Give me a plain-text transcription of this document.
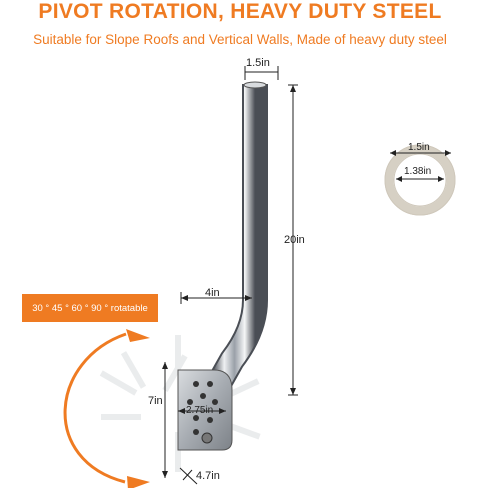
PIVOT ROTATION, HEAVY DUTY STEEL
Suitable for Slope Roofs and Vertical Walls, Made of heavy duty steel
1.5in
20in
4in
7in
2.75in
4.7in
1.5in
1.38in
30 ° 45 ° 60 ° 90 ° rotatable
